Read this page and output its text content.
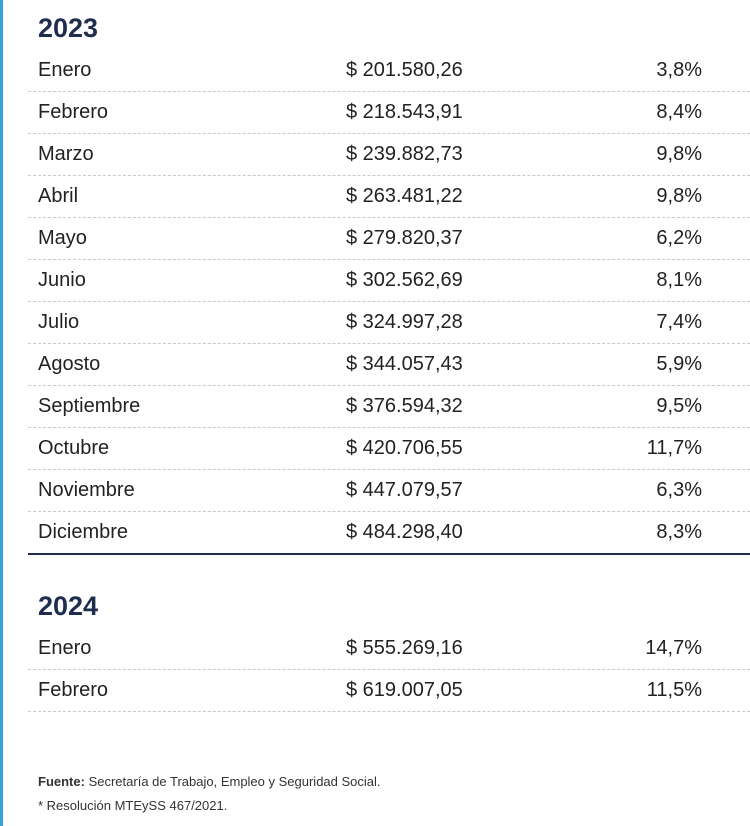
2023
Enero	$ 201.580,26	3,8%
Febrero	$ 218.543,91	8,4%
Marzo	$ 239.882,73	9,8%
Abril	$ 263.481,22	9,8%
Mayo	$ 279.820,37	6,2%
Junio	$ 302.562,69	8,1%
Julio	$ 324.997,28	7,4%
Agosto	$ 344.057,43	5,9%
Septiembre	$ 376.594,32	9,5%
Octubre	$ 420.706,55	11,7%
Noviembre	$ 447.079,57	6,3%
Diciembre	$ 484.298,40	8,3%
2024
Enero	$ 555.269,16	14,7%
Febrero	$ 619.007,05	11,5%
Fuente: Secretaría de Trabajo, Empleo y Seguridad Social.
* Resolución MTEySS 467/2021.
